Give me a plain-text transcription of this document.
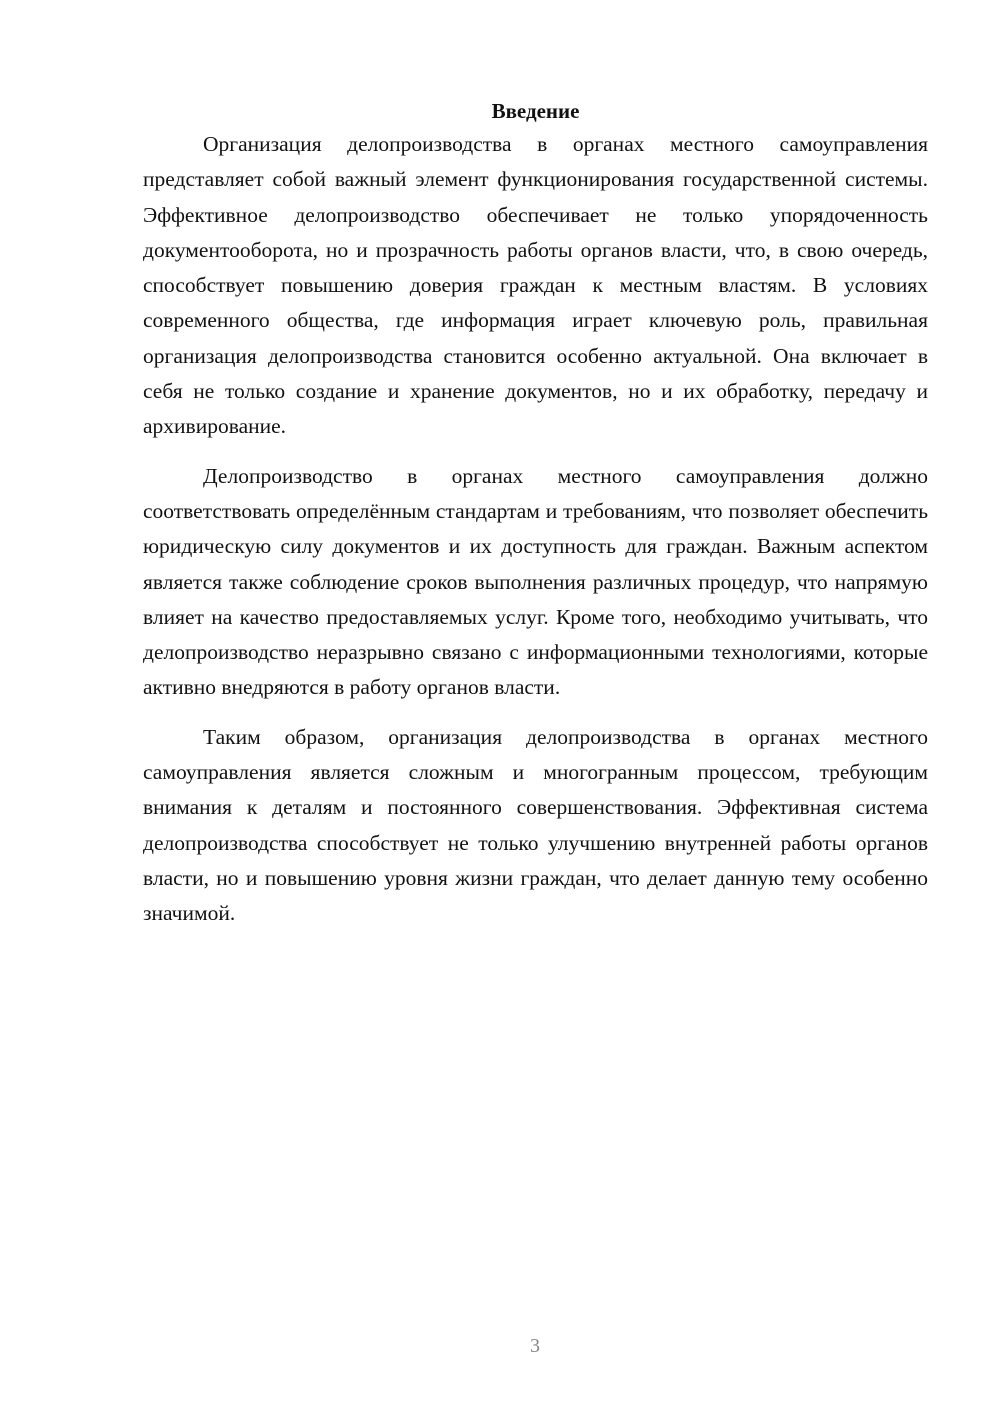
Введение

Организация делопроизводства в органах местного самоуправления представляет собой важный элемент функционирования государственной системы. Эффективное делопроизводство обеспечивает не только упорядоченность документооборота, но и прозрачность работы органов власти, что, в свою очередь, способствует повышению доверия граждан к местным властям. В условиях современного общества, где информация играет ключевую роль, правильная организация делопроизводства становится особенно актуальной. Она включает в себя не только создание и хранение документов, но и их обработку, передачу и архивирование.

Делопроизводство в органах местного самоуправления должно соответствовать определённым стандартам и требованиям, что позволяет обеспечить юридическую силу документов и их доступность для граждан. Важным аспектом является также соблюдение сроков выполнения различных процедур, что напрямую влияет на качество предоставляемых услуг. Кроме того, необходимо учитывать, что делопроизводство неразрывно связано с информационными технологиями, которые активно внедряются в работу органов власти.

Таким образом, организация делопроизводства в органах местного самоуправления является сложным и многогранным процессом, требующим внимания к деталям и постоянного совершенствования. Эффективная система делопроизводства способствует не только улучшению внутренней работы органов власти, но и повышению уровня жизни граждан, что делает данную тему особенно значимой.

3
